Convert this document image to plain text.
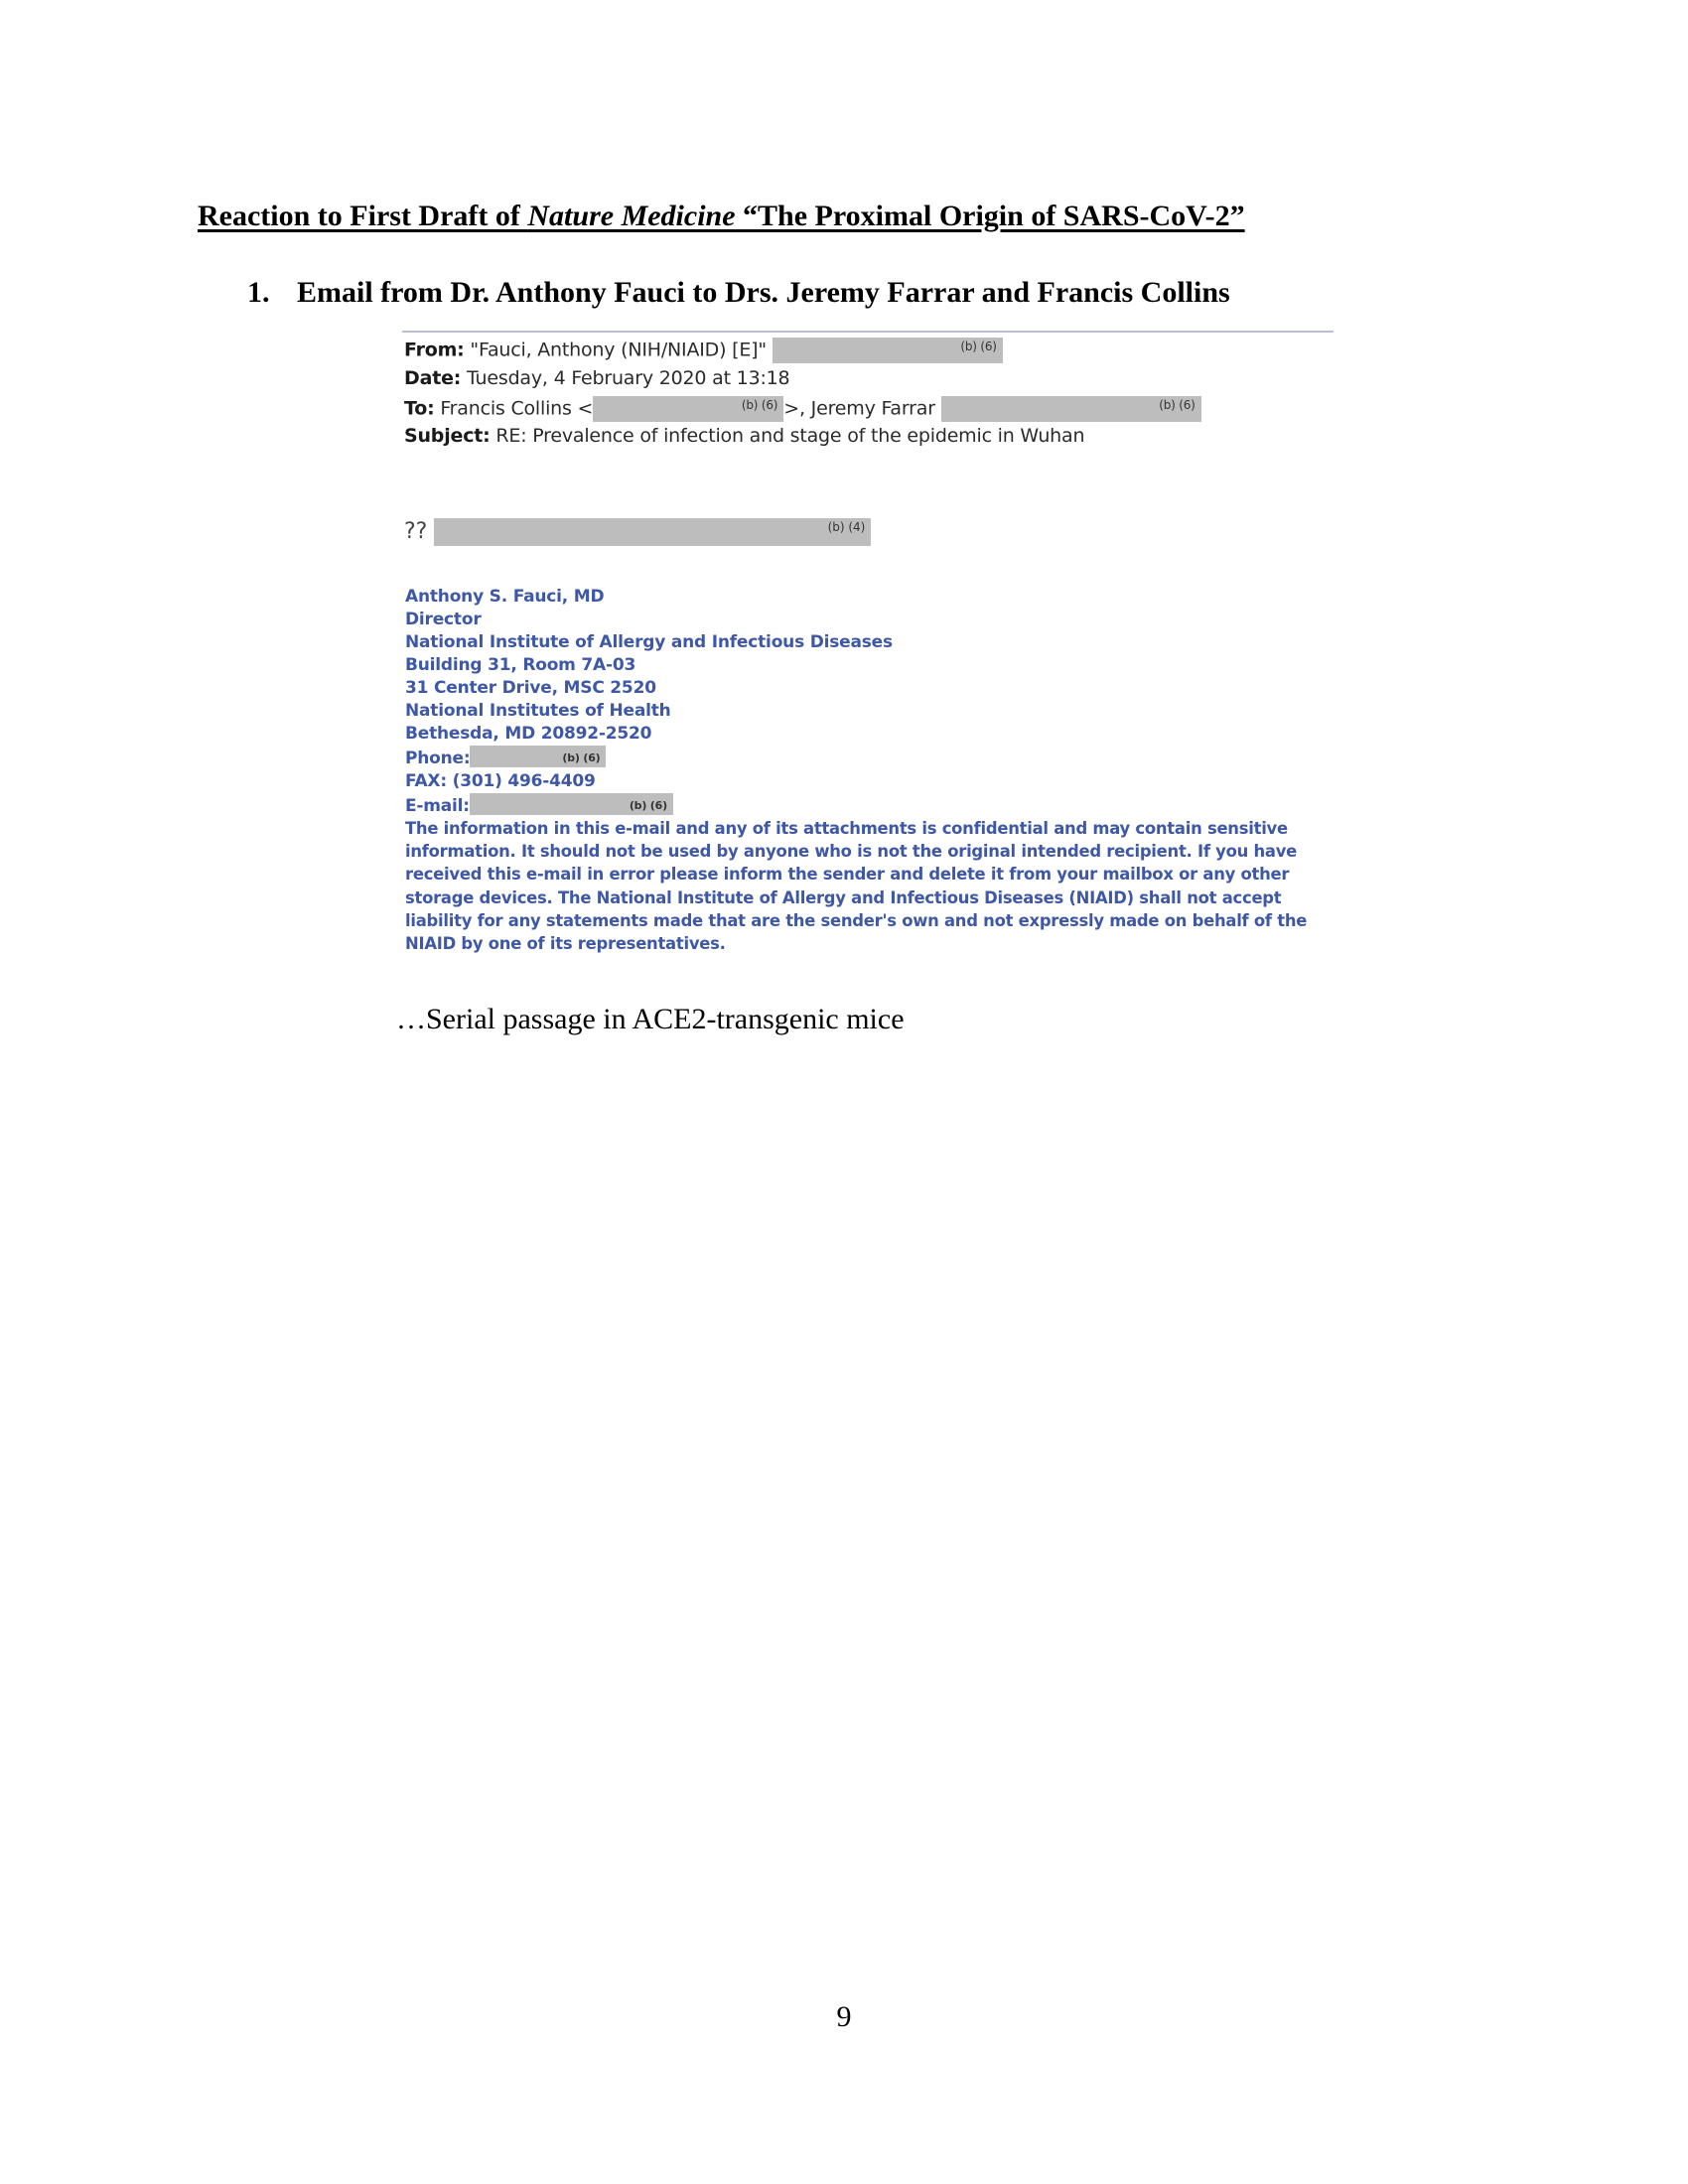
Reaction to First Draft of Nature Medicine “The Proximal Origin of SARS-CoV-2”
1. Email from Dr. Anthony Fauci to Drs. Jeremy Farrar and Francis Collins
From: "Fauci, Anthony (NIH/NIAID) [E]"	(b) (6)
Date: Tuesday, 4 February 2020 at 13:18
To: Francis Collins <	(b) (6) >, Jeremy Farrar	(b) (6)
Subject: RE: Prevalence of infection and stage of the epidemic in Wuhan
??	(b) (4)
Anthony S. Fauci, MD
Director
National Institute of Allergy and Infectious Diseases
Building 31, Room 7A-03
31 Center Drive, MSC 2520
National Institutes of Health
Bethesda, MD 20892-2520
Phone:	(b) (6)
FAX: (301) 496-4409
E-mail:	(b) (6)
The information in this e-mail and any of its attachments is confidential and may contain sensitive information. It should not be used by anyone who is not the original intended recipient. If you have received this e-mail in error please inform the sender and delete it from your mailbox or any other storage devices. The National Institute of Allergy and Infectious Diseases (NIAID) shall not accept liability for any statements made that are the sender's own and not expressly made on behalf of the NIAID by one of its representatives.
…Serial passage in ACE2-transgenic mice
9
